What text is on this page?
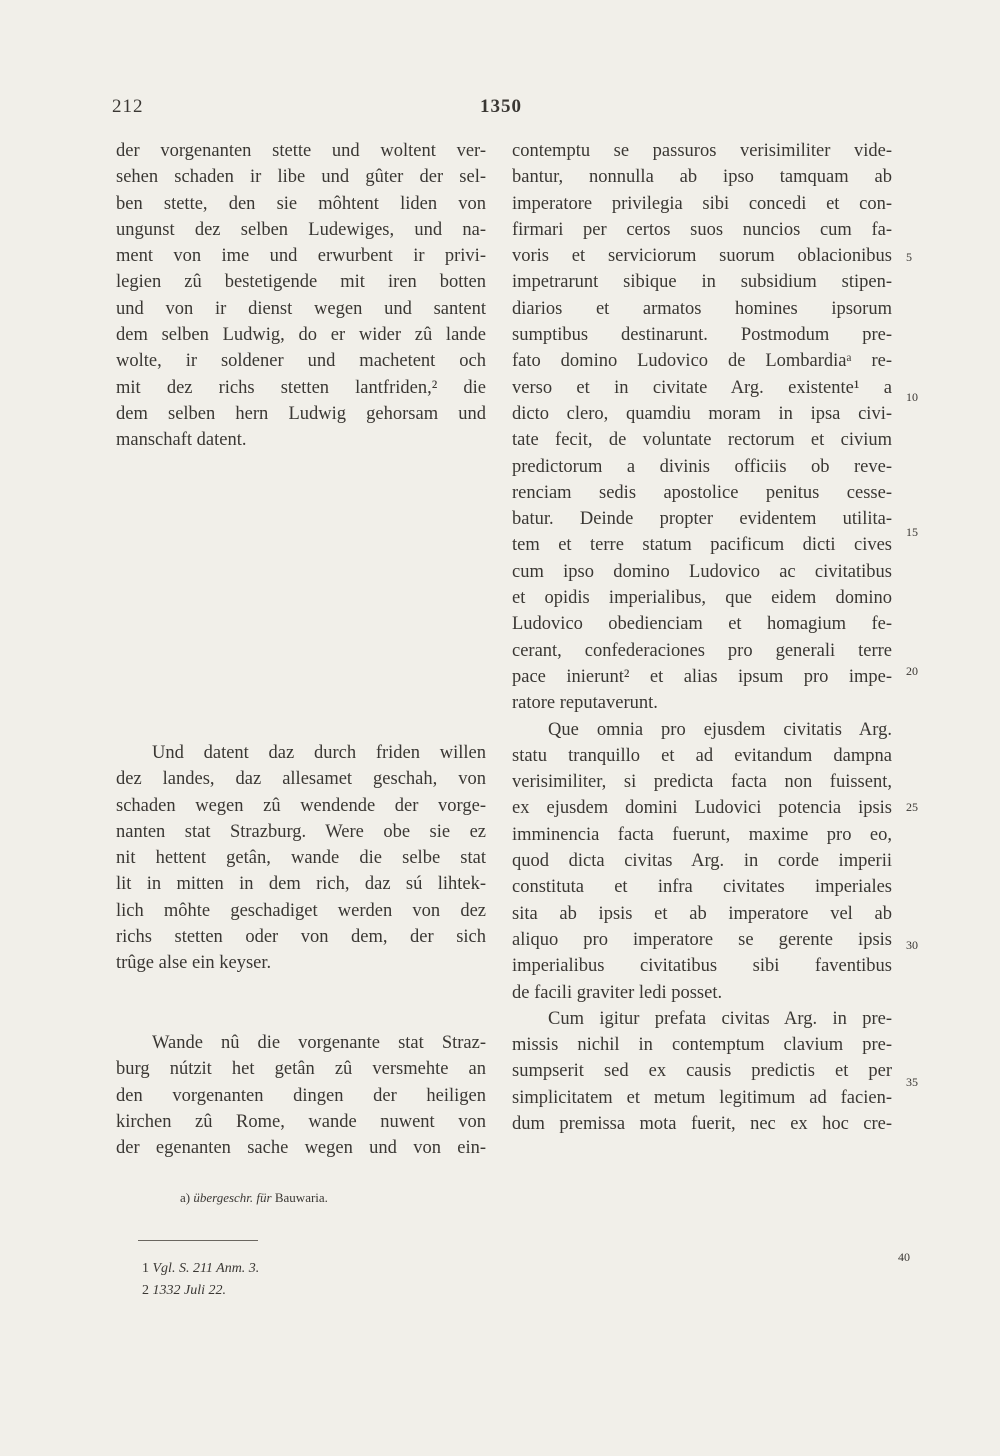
212	1350
der vorgenanten stette und woltent ver-
sehen schaden ir libe und gûter der sel-
ben stette, den sie môhtent liden von
ungunst dez selben Ludewiges, und na-
ment von ime und erwurbent ir privi-
legien zû bestetigende mit iren botten
und von ir dienst wegen und santent
dem selben Ludwig, do er wider zû lande
wolte, ir soldener und machetent och
mit dez richs stetten lantfriden,² die
dem selben hern Ludwig gehorsam und
manschaft datent.
Und datent daz durch friden willen
dez landes, daz allesamet geschah, von
schaden wegen zû wendende der vorge-
nanten stat Strazburg. Were obe sie ez
nit hettent getân, wande die selbe stat
lit in mitten in dem rich, daz sú lihtek-
lich môhte geschadiget werden von dez
richs stetten oder von dem, der sich
trûge alse ein keyser.
Wande nû die vorgenante stat Straz-
burg nútzit het getân zû versmehte an
den vorgenanten dingen der heiligen
kirchen zû Rome, wande nuwent von
der egenanten sache wegen und von ein-
contemptu se passuros verisimiliter vide-
bantur, nonnulla ab ipso tamquam ab
imperatore privilegia sibi concedi et con-
firmari per certos suos nuncios cum fa-
voris et serviciorum suorum oblacionibus
impetrarunt sibique in subsidium stipen-
diarios et armatos homines ipsorum
sumptibus destinarunt. Postmodum pre-
fato domino Ludovico de Lombardiaᵃ re-
verso et in civitate Arg. existente¹ a
dicto clero, quamdiu moram in ipsa civi-
tate fecit, de voluntate rectorum et civium
predictorum a divinis officiis ob reve-
renciam sedis apostolice penitus cesse-
batur. Deinde propter evidentem utilita-
tem et terre statum pacificum dicti cives
cum ipso domino Ludovico ac civitatibus
et opidis imperialibus, que eidem domino
Ludovico obedienciam et homagium fe-
cerant, confederaciones pro generali terre
pace inierunt² et alias ipsum pro impe-
ratore reputaverunt.
Que omnia pro ejusdem civitatis Arg.
statu tranquillo et ad evitandum dampna
verisimiliter, si predicta facta non fuissent,
ex ejusdem domini Ludovici potencia ipsis
imminencia facta fuerunt, maxime pro eo,
quod dicta civitas Arg. in corde imperii
constituta et infra civitates imperiales
sita ab ipsis et ab imperatore vel ab
aliquo pro imperatore se gerente ipsis
imperialibus civitatibus sibi faventibus
de facili graviter ledi posset.
Cum igitur prefata civitas Arg. in pre-
missis nichil in contemptum clavium pre-
sumpserit sed ex causis predictis et per
simplicitatem et metum legitimum ad facien-
dum premissa mota fuerit, nec ex hoc cre-
5
10
15
20
25
30
35
40
a) übergeschr. für Bauwaria.
1 Vgl. S. 211 Anm. 3.
2 1332 Juli 22.
